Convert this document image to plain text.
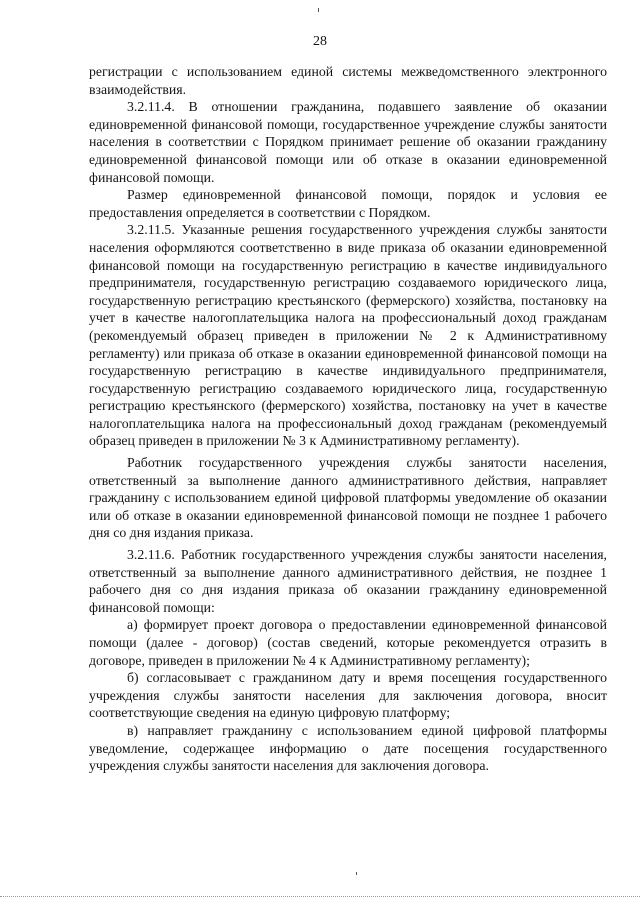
28

регистрации с использованием единой системы межведомственного электронного взаимодействия.

3.2.11.4. В отношении гражданина, подавшего заявление об оказании единовременной финансовой помощи, государственное учреждение службы занятости населения в соответствии с Порядком принимает решение об оказании гражданину единовременной финансовой помощи или об отказе в оказании единовременной финансовой помощи.

Размер единовременной финансовой помощи, порядок и условия ее предоставления определяется в соответствии с Порядком.

3.2.11.5. Указанные решения государственного учреждения службы занятости населения оформляются соответственно в виде приказа об оказании единовременной финансовой помощи на государственную регистрацию в качестве индивидуального предпринимателя, государственную регистрацию создаваемого юридического лица, государственную регистрацию крестьянского (фермерского) хозяйства, постановку на учет в качестве налогоплательщика налога на профессиональный доход гражданам (рекомендуемый образец приведен в приложении № 2 к Административному регламенту) или приказа об отказе в оказании единовременной финансовой помощи на государственную регистрацию в качестве индивидуального предпринимателя, государственную регистрацию создаваемого юридического лица, государственную регистрацию крестьянского (фермерского) хозяйства, постановку на учет в качестве налогоплательщика налога на профессиональный доход гражданам (рекомендуемый образец приведен в приложении № 3 к Административному регламенту).

Работник государственного учреждения службы занятости населения, ответственный за выполнение данного административного действия, направляет гражданину с использованием единой цифровой платформы уведомление об оказании или об отказе в оказании единовременной финансовой помощи не позднее 1 рабочего дня со дня издания приказа.

3.2.11.6. Работник государственного учреждения службы занятости населения, ответственный за выполнение данного административного действия, не позднее 1 рабочего дня со дня издания приказа об оказании гражданину единовременной финансовой помощи:

а) формирует проект договора о предоставлении единовременной финансовой помощи (далее - договор) (состав сведений, которые рекомендуется отразить в договоре, приведен в приложении № 4 к Административному регламенту);

б) согласовывает с гражданином дату и время посещения государственного учреждения службы занятости населения для заключения договора, вносит соответствующие сведения на единую цифровую платформу;

в) направляет гражданину с использованием единой цифровой платформы уведомление, содержащее информацию о дате посещения государственного учреждения службы занятости населения для заключения договора.
